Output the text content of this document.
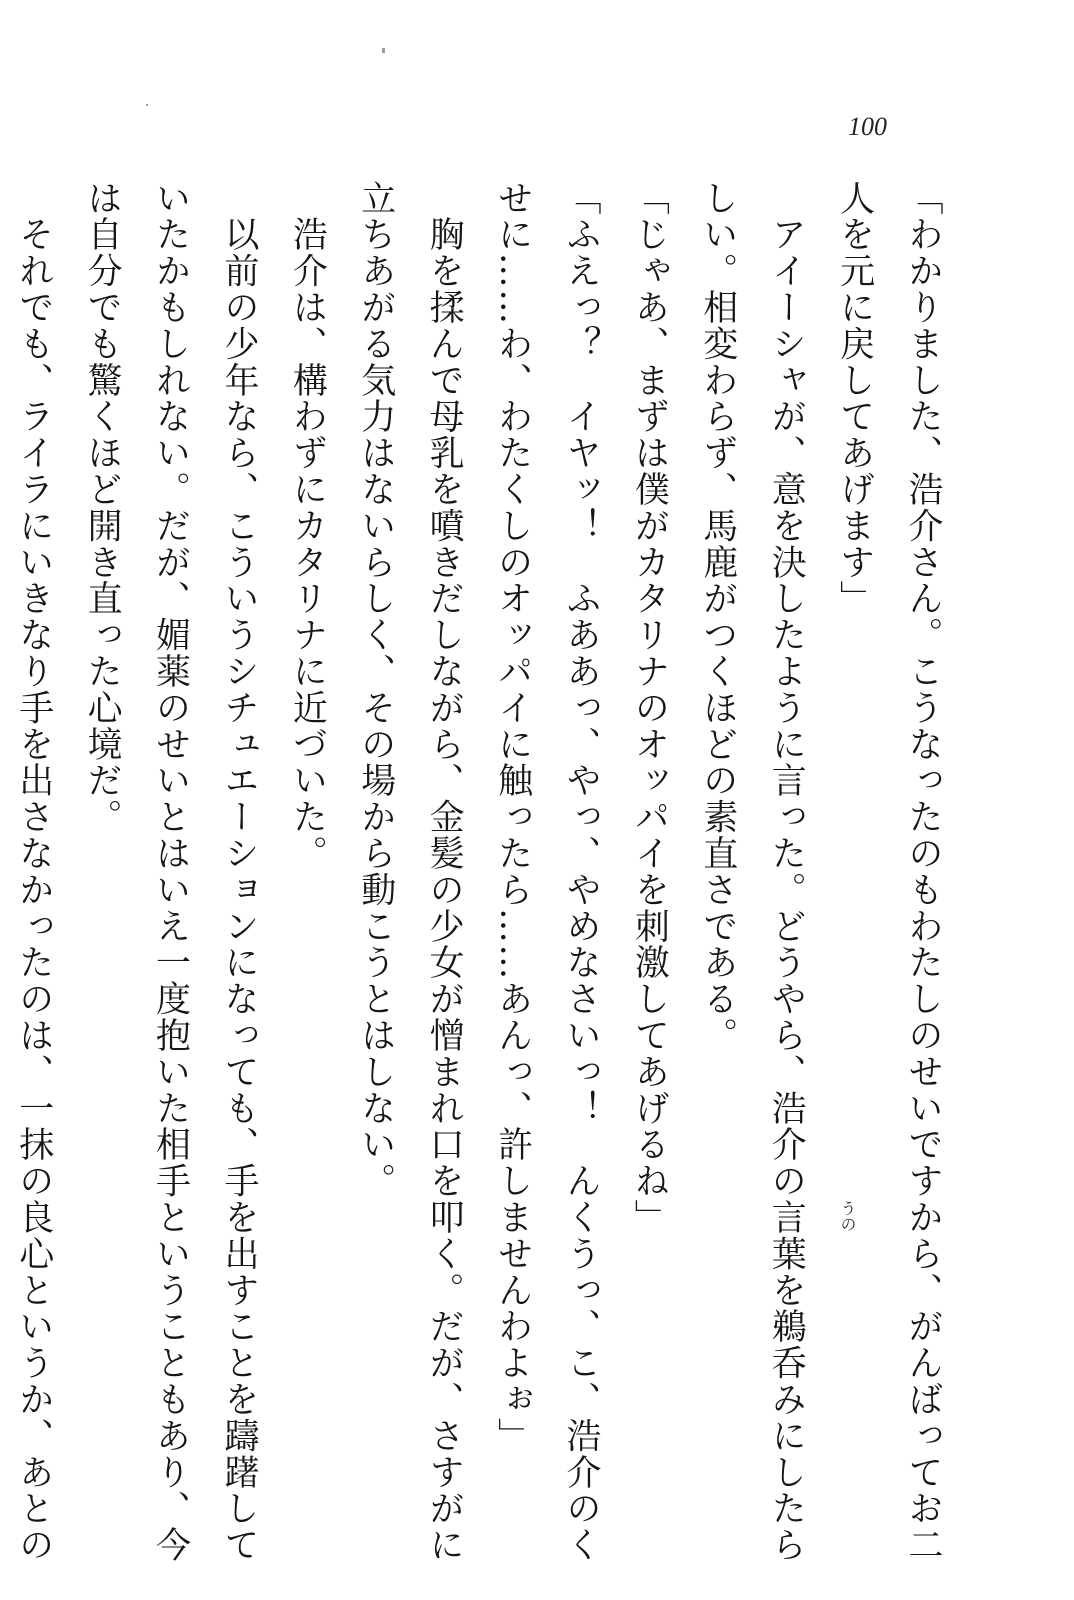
100
うの	「わかりました、浩介さん。こうなったのもわたしのせいですから、がんばってお二
人を元に戻してあげます」
　アイーシャが、意を決したように言った。どうやら、浩介の言葉を鵜呑みにしたら
しい。相変わらず、馬鹿がつくほどの素直さである。
「じゃあ、まずは僕がカタリナのオッパイを刺激してあげるね」
「ふえっ？　イヤッ！　ふああっ、やっ、やめなさいっ！　んくうっ、こ、浩介のく
せに……わ、わたくしのオッパイに触ったら……あんっ、許しませんわよぉ」
　胸を揉んで母乳を噴きだしながら、金髪の少女が憎まれ口を叩く。だが、さすがに
立ちあがる気力はないらしく、その場から動こうとはしない。
　浩介は、構わずにカタリナに近づいた。
　以前の少年なら、こういうシチュエーションになっても、手を出すことを躊躇して
いたかもしれない。だが、媚薬のせいとはいえ一度抱いた相手ということもあり、今
は自分でも驚くほど開き直った心境だ。
　それでも、ライラにいきなり手を出さなかったのは、一抹の良心というか、あとの
